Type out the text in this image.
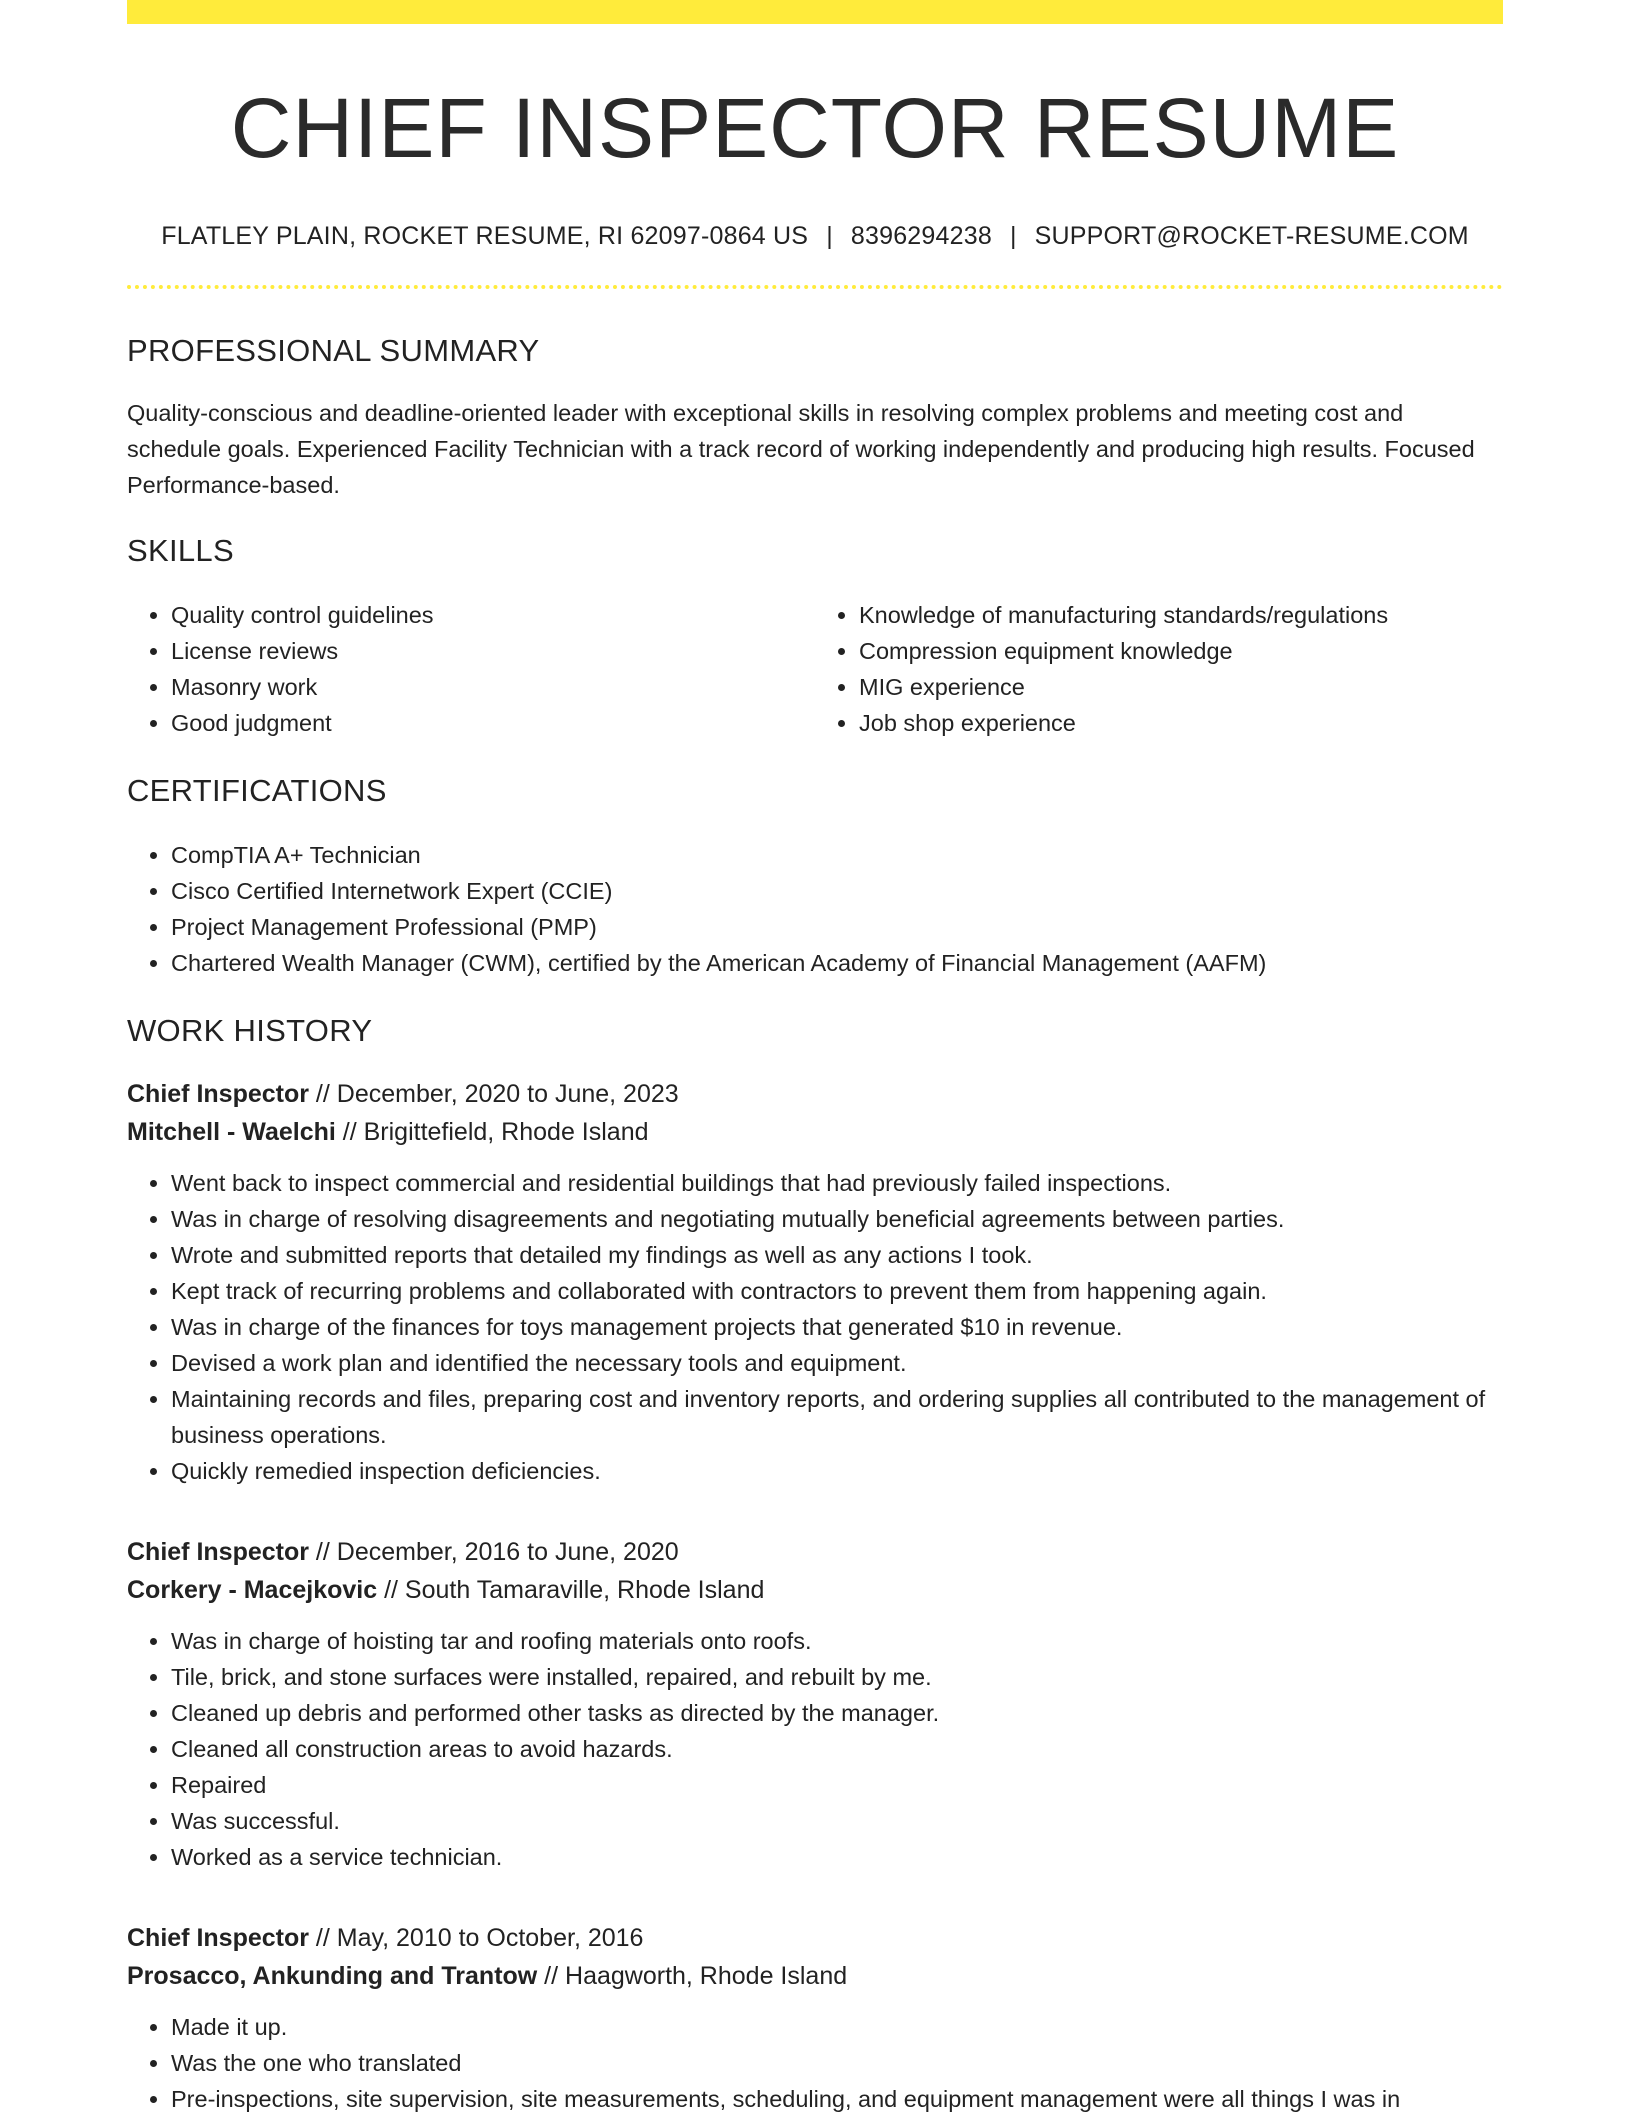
CHIEF INSPECTOR RESUME
FLATLEY PLAIN, ROCKET RESUME, RI 62097-0864 US | 8396294238 | SUPPORT@ROCKET-RESUME.COM
PROFESSIONAL SUMMARY
Quality-conscious and deadline-oriented leader with exceptional skills in resolving complex problems and meeting cost and schedule goals. Experienced Facility Technician with a track record of working independently and producing high results. Focused Performance-based.
SKILLS
• Quality control guidelines
• License reviews
• Masonry work
• Good judgment
• Knowledge of manufacturing standards/regulations
• Compression equipment knowledge
• MIG experience
• Job shop experience
CERTIFICATIONS
• CompTIA A+ Technician
• Cisco Certified Internetwork Expert (CCIE)
• Project Management Professional (PMP)
• Chartered Wealth Manager (CWM), certified by the American Academy of Financial Management (AAFM)
WORK HISTORY
Chief Inspector // December, 2020 to June, 2023
Mitchell - Waelchi // Brigittefield, Rhode Island
• Went back to inspect commercial and residential buildings that had previously failed inspections.
• Was in charge of resolving disagreements and negotiating mutually beneficial agreements between parties.
• Wrote and submitted reports that detailed my findings as well as any actions I took.
• Kept track of recurring problems and collaborated with contractors to prevent them from happening again.
• Was in charge of the finances for toys management projects that generated $10 in revenue.
• Devised a work plan and identified the necessary tools and equipment.
• Maintaining records and files, preparing cost and inventory reports, and ordering supplies all contributed to the management of business operations.
• Quickly remedied inspection deficiencies.
Chief Inspector // December, 2016 to June, 2020
Corkery - Macejkovic // South Tamaraville, Rhode Island
• Was in charge of hoisting tar and roofing materials onto roofs.
• Tile, brick, and stone surfaces were installed, repaired, and rebuilt by me.
• Cleaned up debris and performed other tasks as directed by the manager.
• Cleaned all construction areas to avoid hazards.
• Repaired
• Was successful.
• Worked as a service technician.
Chief Inspector // May, 2010 to October, 2016
Prosacco, Ankunding and Trantow // Haagworth, Rhode Island
• Made it up.
• Was the one who translated
• Pre-inspections, site supervision, site measurements, scheduling, and equipment management were all things I was in
